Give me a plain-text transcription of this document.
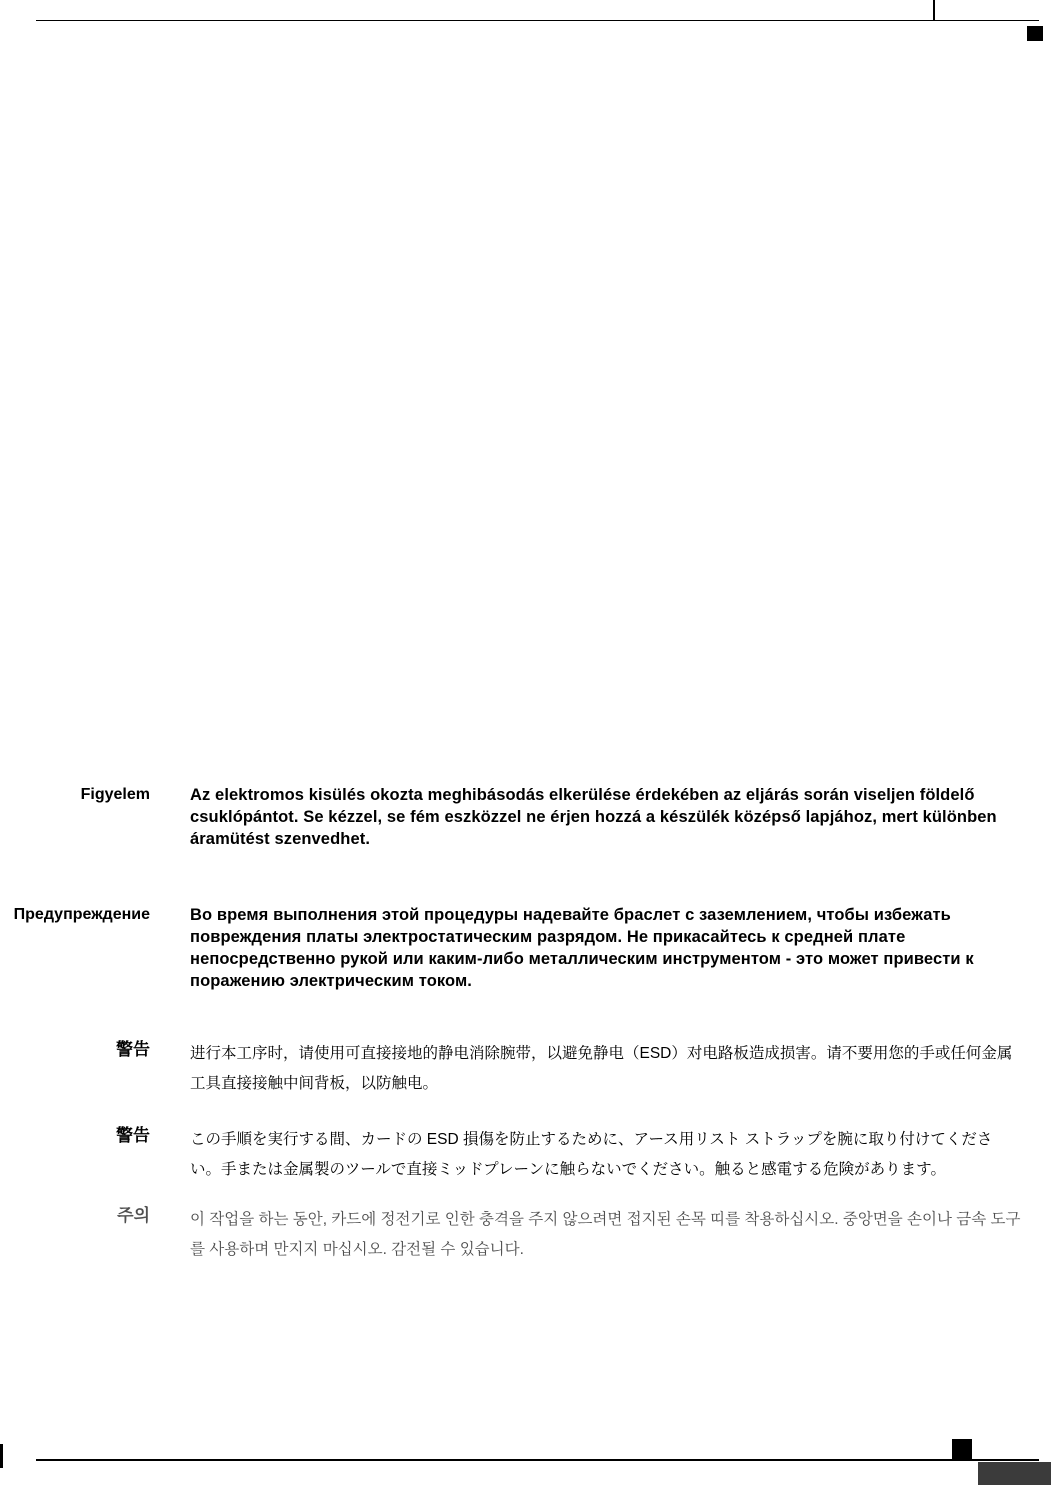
Figyelem Az elektromos kisülés okozta meghibásodás elkerülése érdekében az eljárás során viseljen földelő csuklópántot. Se kézzel, se fém eszközzel ne érjen hozzá a készülék középső lapjához, mert különben áramütést szenvedhet.
Предупреждение Во время выполнения этой процедуры надевайте браслет с заземлением, чтобы избежать повреждения платы электростатическим разрядом. Не прикасайтесь к средней плате непосредственно рукой или каким-либо металлическим инструментом - это может привести к поражению электрическим током.
警告	进行本工序时，请使用可直接接地的静电消除腕带，以避免静电（ESD）对电路板造成损害。请不要用您的手或任何金属工具直接接触中间背板，以防触电。
警告	この手順を実行する間、カードの ESD 損傷を防止するために、アース用リスト ストラップを腕に取り付けてください。手または金属製のツールで直接ミッドプレーンに触らないでください。触ると感電する危険があります。
주의	이 작업을 하는 동안, 카드에 정전기로 인한 충격을 주지 않으려면 접지된 손목 띠를 착용하십시오. 중앙면을 손이나 금속 도구를 사용하며 만지지 마십시오. 감전될 수 있습니다.
